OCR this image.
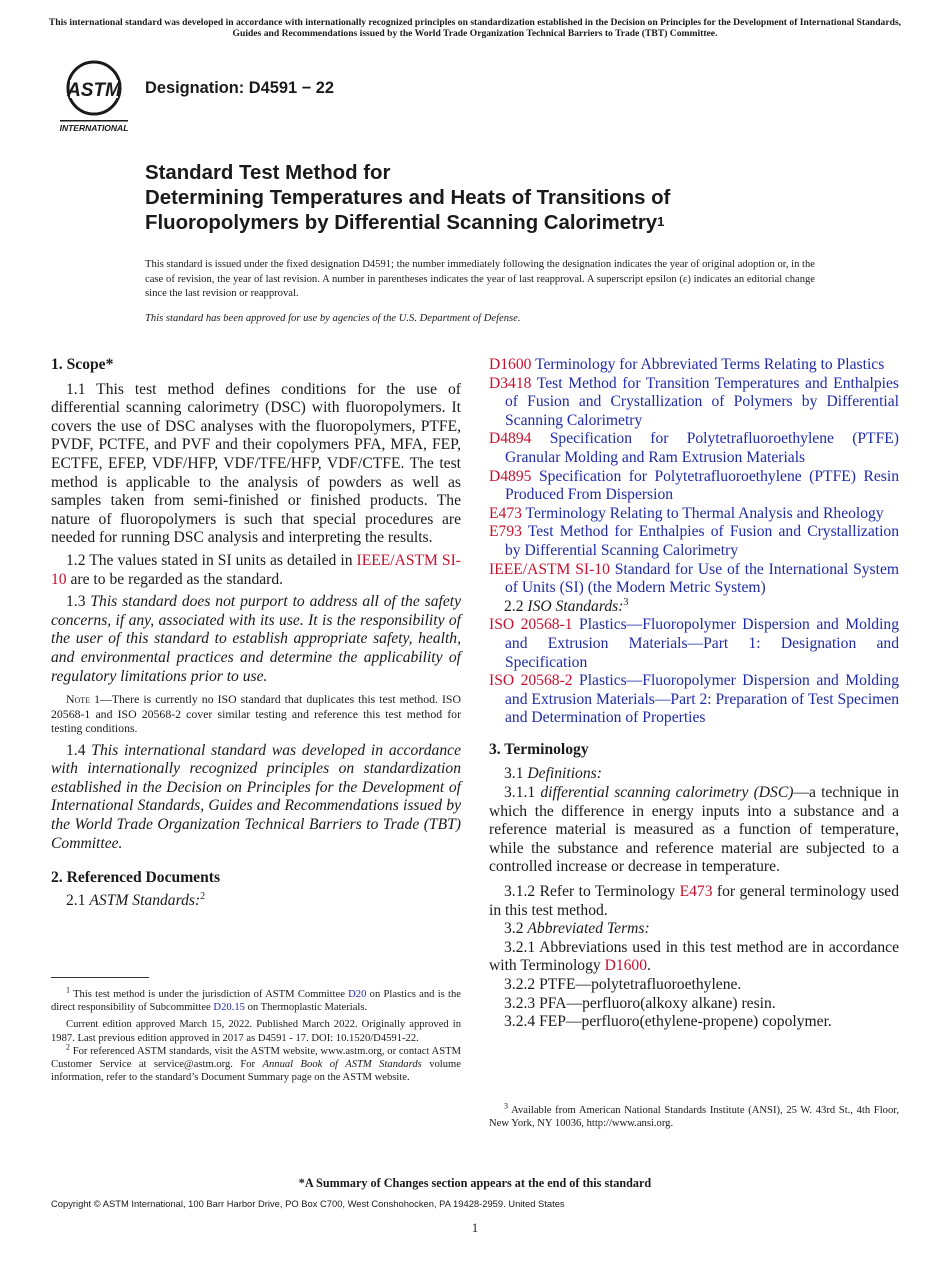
This international standard was developed in accordance with internationally recognized principles on standardization established in the Decision on Principles for the Development of International Standards, Guides and Recommendations issued by the World Trade Organization Technical Barriers to Trade (TBT) Committee.
ASTM
INTERNATIONAL
Designation: D4591 − 22
Standard Test Method for
Determining Temperatures and Heats of Transitions of
Fluoropolymers by Differential Scanning Calorimetry$^1$
This standard is issued under the fixed designation D4591; the number immediately following the designation indicates the year of original adoption or, in the case of revision, the year of last revision. A number in parentheses indicates the year of last reapproval. A superscript epsilon (ε) indicates an editorial change since the last revision or reapproval.
This standard has been approved for use by agencies of the U.S. Department of Defense.

1. Scope*

1.1 This test method defines conditions for the use of differential scanning calorimetry (DSC) with fluoropolymers. It covers the use of DSC analyses with the fluoropolymers, PTFE, PVDF, PCTFE, and PVF and their copolymers PFA, MFA, FEP, ECTFE, EFEP, VDF/HFP, VDF/TFE/HFP, VDF/CTFE. The test method is applicable to the analysis of powders as well as samples taken from semi-finished or finished products. The nature of fluoropolymers is such that special procedures are needed for running DSC analysis and interpreting the results.

1.2 The values stated in SI units as detailed in IEEE/ASTM SI-10 are to be regarded as the standard.

1.3 This standard does not purport to address all of the safety concerns, if any, associated with its use. It is the responsibility of the user of this standard to establish appropriate safety, health, and environmental practices and determine the applicability of regulatory limitations prior to use.

Note 1—There is currently no ISO standard that duplicates this test method. ISO 20568-1 and ISO 20568-2 cover similar testing and reference this test method for testing conditions.

1.4 This international standard was developed in accordance with internationally recognized principles on standardization established in the Decision on Principles for the Development of International Standards, Guides and Recommendations issued by the World Trade Organization Technical Barriers to Trade (TBT) Committee.

2. Referenced Documents

2.1 ASTM Standards:$^2$

$^1$ This test method is under the jurisdiction of ASTM Committee D20 on Plastics and is the direct responsibility of Subcommittee D20.15 on Thermoplastic Materials.

Current edition approved March 15, 2022. Published March 2022. Originally approved in 1987. Last previous edition approved in 2017 as D4591 - 17. DOI: 10.1520/D4591-22.

$^2$ For referenced ASTM standards, visit the ASTM website, www.astm.org, or contact ASTM Customer Service at service@astm.org. For Annual Book of ASTM Standards volume information, refer to the standard’s Document Summary page on the ASTM website.

D1600 Terminology for Abbreviated Terms Relating to Plastics

D3418 Test Method for Transition Temperatures and Enthalpies of Fusion and Crystallization of Polymers by Differential Scanning Calorimetry

D4894 Specification for Polytetrafluoroethylene (PTFE) Granular Molding and Ram Extrusion Materials

D4895 Specification for Polytetrafluoroethylene (PTFE) Resin Produced From Dispersion

E473 Terminology Relating to Thermal Analysis and Rheology

E793 Test Method for Enthalpies of Fusion and Crystallization by Differential Scanning Calorimetry

IEEE/ASTM SI-10 Standard for Use of the International System of Units (SI) (the Modern Metric System)

2.2 ISO Standards:$^3$

ISO 20568-1 Plastics—Fluoropolymer Dispersion and Molding and Extrusion Materials—Part 1: Designation and Specification

ISO 20568-2 Plastics—Fluoropolymer Dispersion and Molding and Extrusion Materials—Part 2: Preparation of Test Specimen and Determination of Properties

3. Terminology

3.1 Definitions:

3.1.1 differential scanning calorimetry (DSC)—a technique in which the difference in energy inputs into a substance and a reference material is measured as a function of temperature, while the substance and reference material are subjected to a controlled increase or decrease in temperature.

3.1.2 Refer to Terminology E473 for general terminology used in this test method.

3.2 Abbreviated Terms:

3.2.1 Abbreviations used in this test method are in accordance with Terminology D1600.

3.2.2 PTFE—polytetrafluoroethylene.

3.2.3 PFA—perfluoro(alkoxy alkane) resin.

3.2.4 FEP—perfluoro(ethylene-propene) copolymer.

$^3$ Available from American National Standards Institute (ANSI), 25 W. 43rd St., 4th Floor, New York, NY 10036, http://www.ansi.org.

*A Summary of Changes section appears at the end of this standard
Copyright © ASTM International, 100 Barr Harbor Drive, PO Box C700, West Conshohocken, PA 19428-2959. United States
1
